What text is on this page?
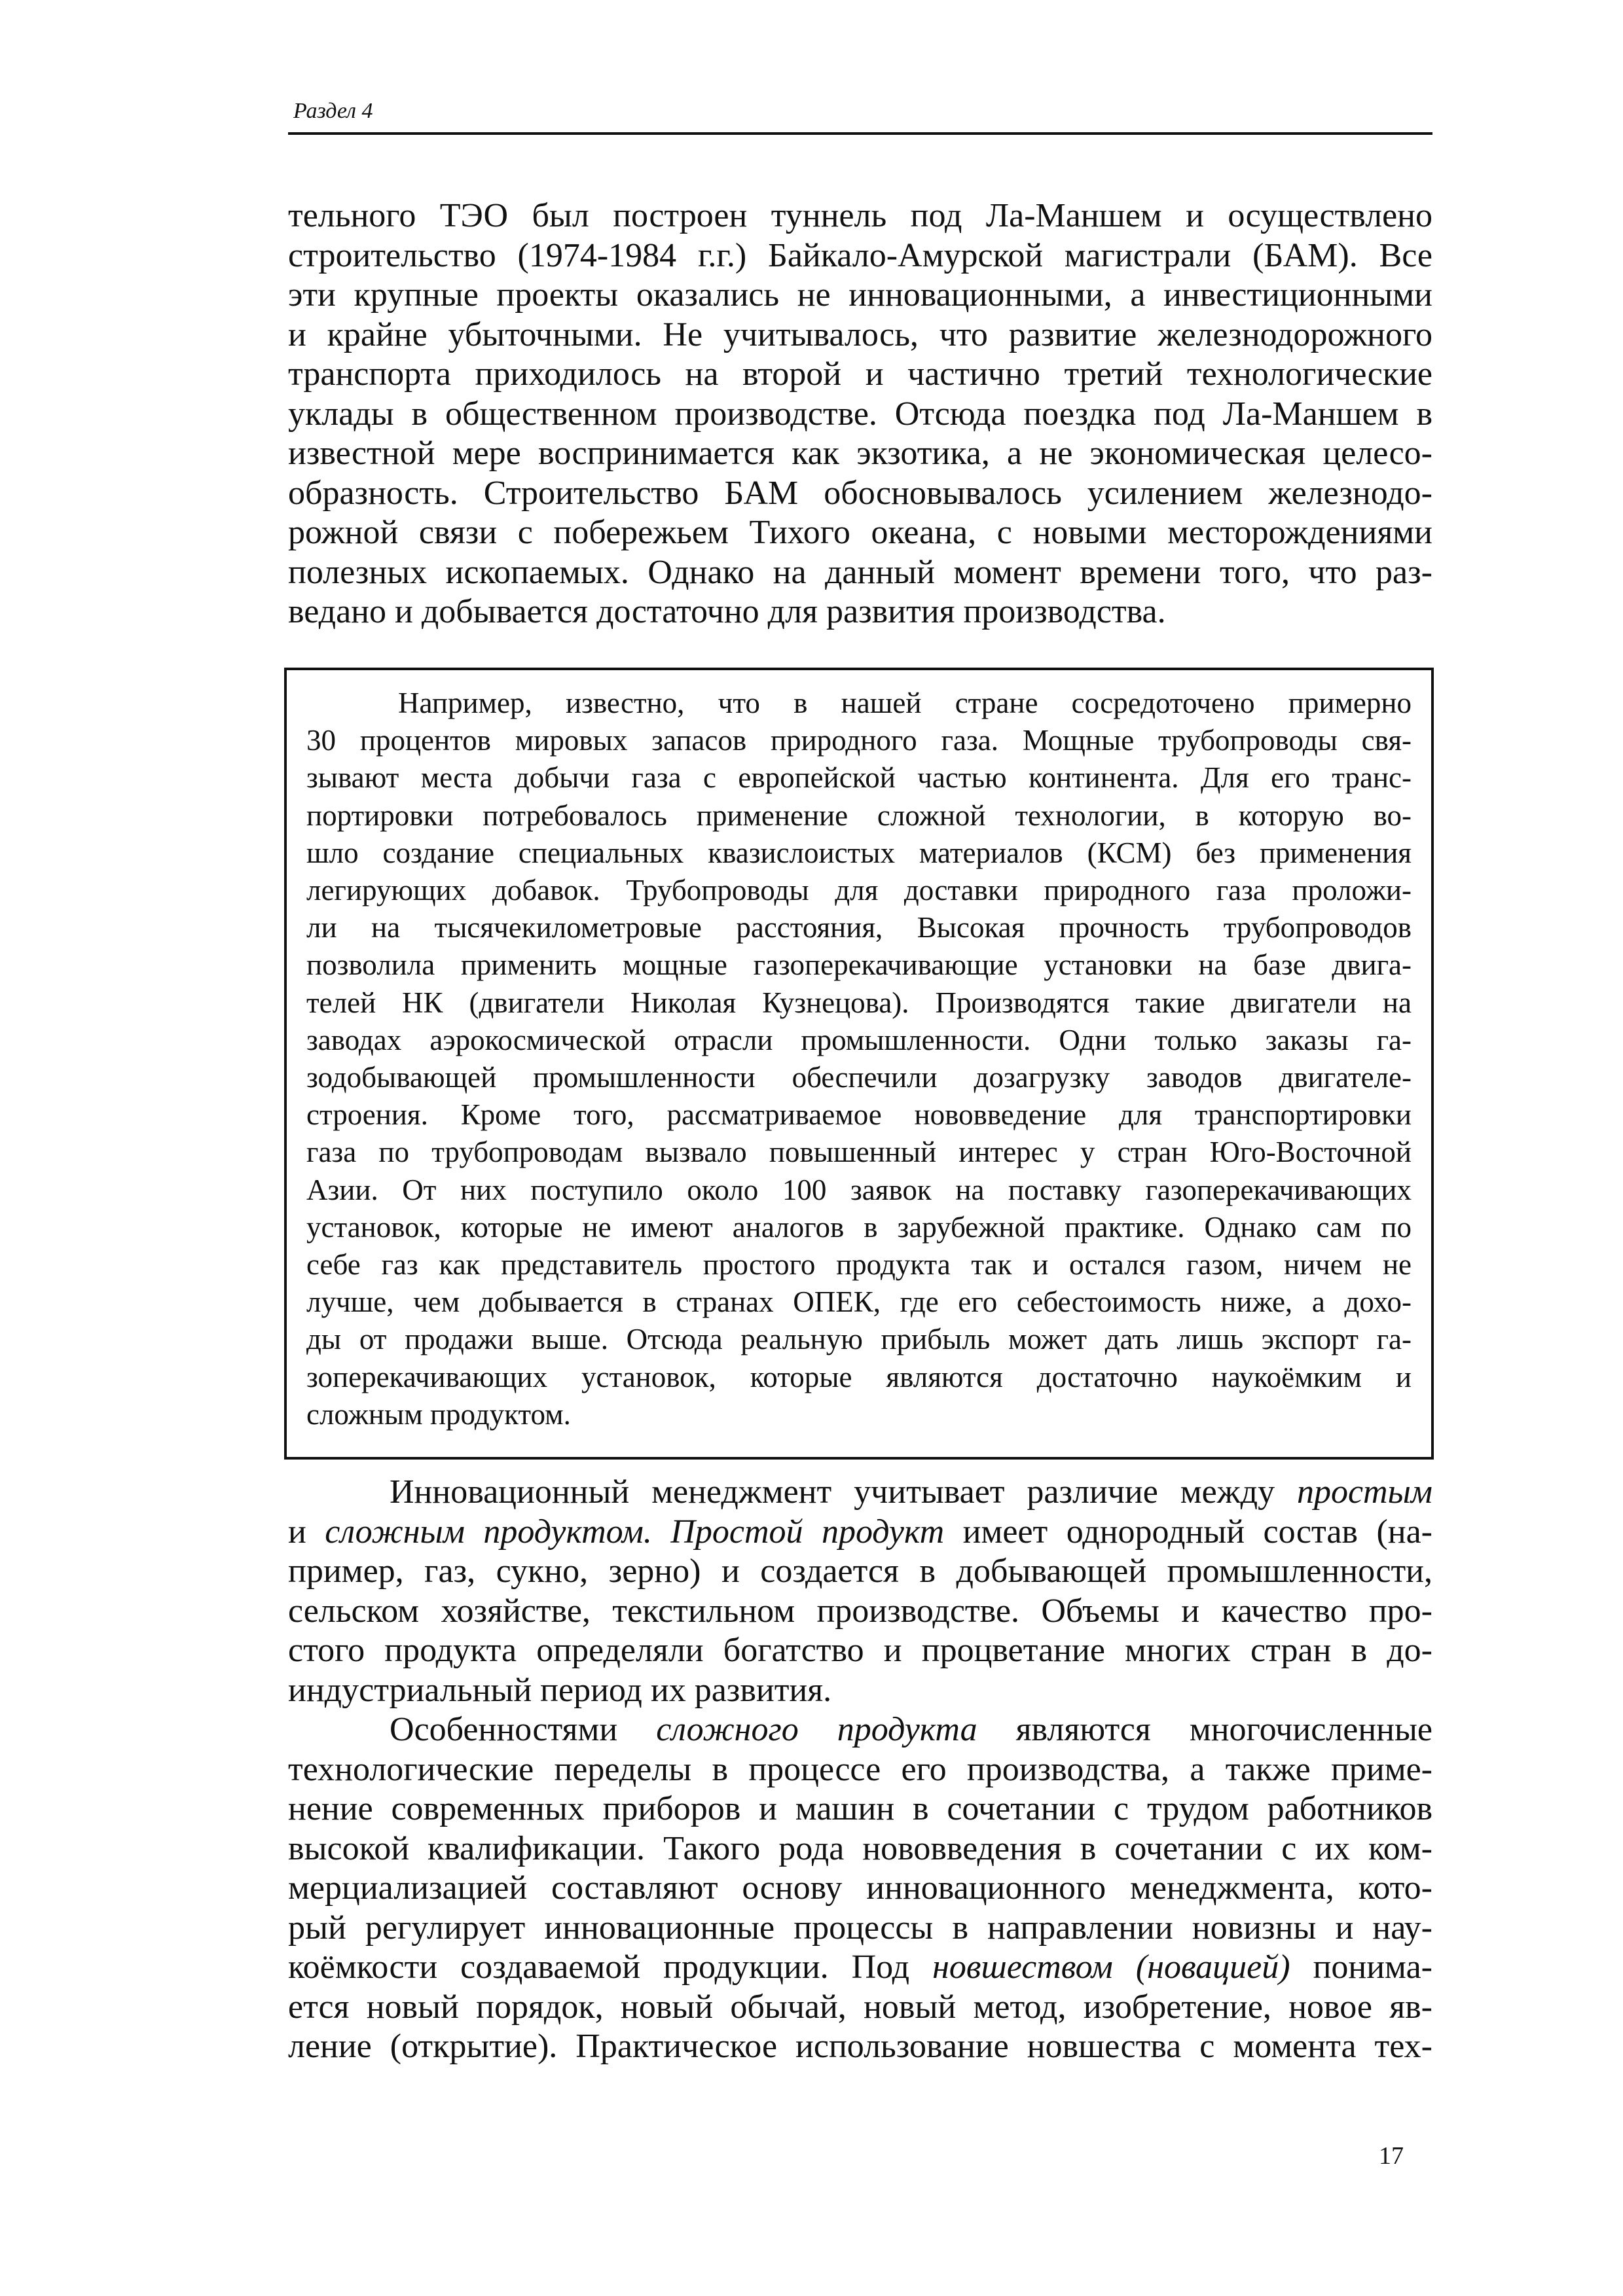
Раздел 4
тельного ТЭО был построен туннель под Ла-Маншем и осуществлено
строительство (1974-1984 г.г.) Байкало-Амурской магистрали (БАМ). Все
эти крупные проекты оказались не инновационными, а инвестиционными
и крайне убыточными. Не учитывалось, что развитие железнодорожного
транспорта приходилось на второй и частично третий технологические
уклады в общественном производстве. Отсюда поездка под Ла-Маншем в
известной мере воспринимается как экзотика, а не экономическая целесо-
образность. Строительство БАМ обосновывалось усилением железнодо-
рожной связи с побережьем Тихого океана, с новыми месторождениями
полезных ископаемых. Однако на данный момент времени того, что раз-
ведано и добывается достаточно для развития производства.
Например, известно, что в нашей стране сосредоточено примерно
30 процентов мировых запасов природного газа. Мощные трубопроводы свя-
зывают места добычи газа с европейской частью континента. Для его транс-
портировки потребовалось применение сложной технологии, в которую во-
шло создание специальных квазислоистых материалов (КСМ) без применения
легирующих добавок. Трубопроводы для доставки природного газа проложи-
ли на тысячекилометровые расстояния, Высокая прочность трубопроводов
позволила применить мощные газоперекачивающие установки на базе двига-
телей НК (двигатели Николая Кузнецова). Производятся такие двигатели на
заводах аэрокосмической отрасли промышленности. Одни только заказы га-
зодобывающей промышленности обеспечили дозагрузку заводов двигателе-
строения. Кроме того, рассматриваемое нововведение для транспортировки
газа по трубопроводам вызвало повышенный интерес у стран Юго-Восточной
Азии. От них поступило около 100 заявок на поставку газоперекачивающих
установок, которые не имеют аналогов в зарубежной практике. Однако сам по
себе газ как представитель простого продукта так и остался газом, ничем не
лучше, чем добывается в странах ОПЕК, где его себестоимость ниже, а дохо-
ды от продажи выше. Отсюда реальную прибыль может дать лишь экспорт га-
зоперекачивающих установок, которые являются достаточно наукоёмким и
сложным продуктом.
Инновационный менеджмент учитывает различие между простым
и сложным продуктом. Простой продукт имеет однородный состав (на-
пример, газ, сукно, зерно) и создается в добывающей промышленности,
сельском хозяйстве, текстильном производстве. Объемы и качество про-
стого продукта определяли богатство и процветание многих стран в до-
индустриальный период их развития.
Особенностями сложного продукта являются многочисленные
технологические переделы в процессе его производства, а также приме-
нение современных приборов и машин в сочетании с трудом работников
высокой квалификации. Такого рода нововведения в сочетании с их ком-
мерциализацией составляют основу инновационного менеджмента, кото-
рый регулирует инновационные процессы в направлении новизны и нау-
коёмкости создаваемой продукции. Под новшеством (новацией) понима-
ется новый порядок, новый обычай, новый метод, изобретение, новое яв-
ление (открытие). Практическое использование новшества с момента тех-
17
